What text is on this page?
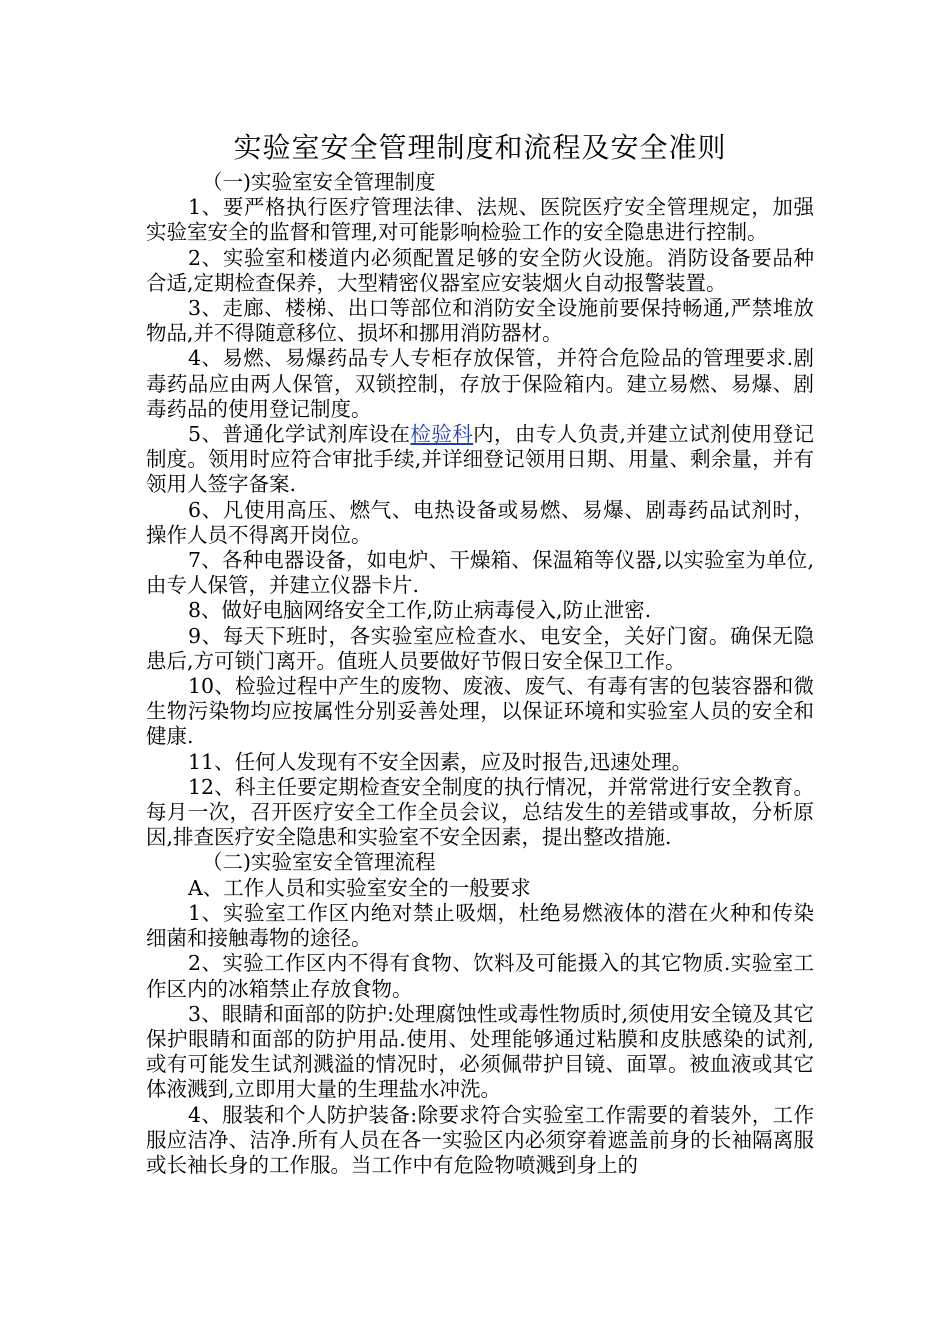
实验室安全管理制度和流程及安全准则

（一)实验室安全管理制度

1、要严格执行医疗管理法律、法规、医院医疗安全管理规定，加强实验室安全的监督和管理,对可能影响检验工作的安全隐患进行控制。

2、实验室和楼道内必须配置足够的安全防火设施。消防设备要品种合适,定期检查保养，大型精密仪器室应安装烟火自动报警装置。

3、走廊、楼梯、出口等部位和消防安全设施前要保持畅通,严禁堆放物品,并不得随意移位、损坏和挪用消防器材。

4、易燃、易爆药品专人专柜存放保管，并符合危险品的管理要求.剧毒药品应由两人保管，双锁控制，存放于保险箱内。建立易燃、易爆、剧毒药品的使用登记制度。

5、普通化学试剂库设在检验科内，由专人负责,并建立试剂使用登记制度。领用时应符合审批手续,并详细登记领用日期、用量、剩余量，并有领用人签字备案.

6、凡使用高压、燃气、电热设备或易燃、易爆、剧毒药品试剂时，操作人员不得离开岗位。

7、各种电器设备，如电炉、干燥箱、保温箱等仪器,以实验室为单位,由专人保管，并建立仪器卡片.

8、做好电脑网络安全工作,防止病毒侵入,防止泄密.

9、每天下班时，各实验室应检查水、电安全，关好门窗。确保无隐患后,方可锁门离开。值班人员要做好节假日安全保卫工作。

10、检验过程中产生的废物、废液、废气、有毒有害的包装容器和微生物污染物均应按属性分别妥善处理，以保证环境和实验室人员的安全和健康.

11、任何人发现有不安全因素，应及时报告,迅速处理。

12、科主任要定期检查安全制度的执行情况，并常常进行安全教育。每月一次，召开医疗安全工作全员会议，总结发生的差错或事故，分析原因,排查医疗安全隐患和实验室不安全因素，提出整改措施.

（二)实验室安全管理流程

A、工作人员和实验室安全的一般要求

1、实验室工作区内绝对禁止吸烟，杜绝易燃液体的潜在火种和传染细菌和接触毒物的途径。

2、实验工作区内不得有食物、饮料及可能摄入的其它物质.实验室工作区内的冰箱禁止存放食物。

3、眼睛和面部的防护:处理腐蚀性或毒性物质时,须使用安全镜及其它保护眼睛和面部的防护用品.使用、处理能够通过粘膜和皮肤感染的试剂,或有可能发生试剂溅溢的情况时，必须佩带护目镜、面罩。被血液或其它体液溅到,立即用大量的生理盐水冲洗。

4、服装和个人防护装备:除要求符合实验室工作需要的着装外，工作服应洁净、洁净.所有人员在各一实验区内必须穿着遮盖前身的长袖隔离服或长袖长身的工作服。当工作中有危险物喷溅到身上的
